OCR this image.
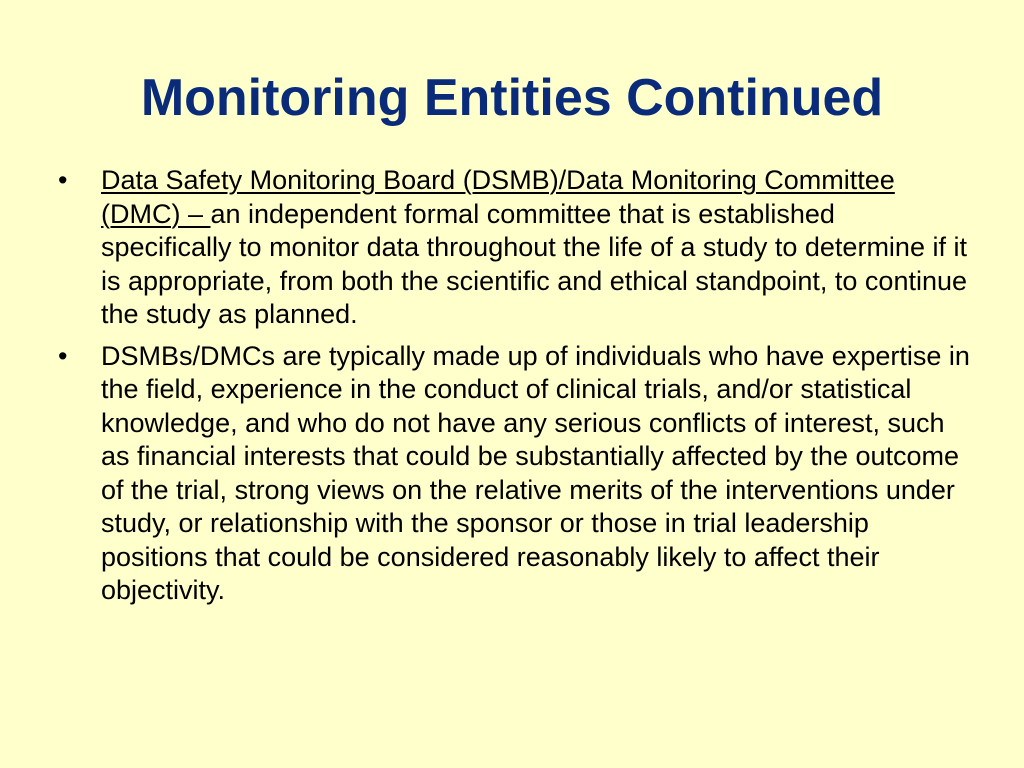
Monitoring Entities Continued
•	Data Safety Monitoring Board (DSMB)/Data Monitoring Committee (DMC) – an independent formal committee that is established specifically to monitor data throughout the life of a study to determine if it is appropriate, from both the scientific and ethical standpoint, to continue the study as planned.
•	DSMBs/DMCs are typically made up of individuals who have expertise in the field, experience in the conduct of clinical trials, and/or statistical knowledge, and who do not have any serious conflicts of interest, such as financial interests that could be substantially affected by the outcome of the trial, strong views on the relative merits of the interventions under study, or relationship with the sponsor or those in trial leadership positions that could be considered reasonably likely to affect their objectivity.
